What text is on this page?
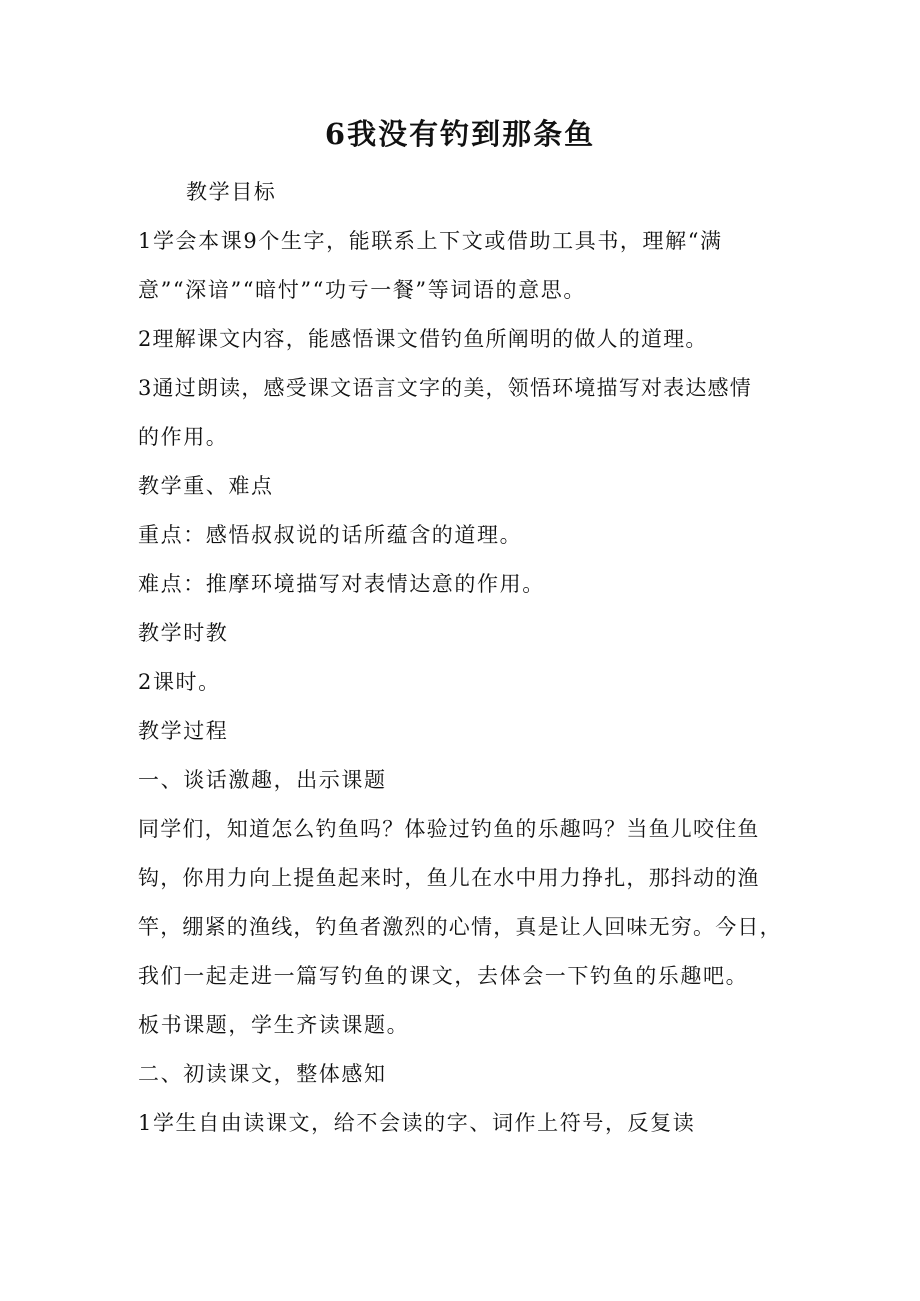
6我没有钓到那条鱼
教学目标
1学会本课9个生字，能联系上下文或借助工具书，理解“满
意”“深谙”“暗忖”“功亏一餐”等词语的意思。
2理解课文内容，能感悟课文借钓鱼所阐明的做人的道理。
3通过朗读，感受课文语言文字的美，领悟环境描写对表达感情
的作用。
教学重、难点
重点：感悟叔叔说的话所蕴含的道理。
难点：推摩环境描写对表情达意的作用。
教学时教
2课时。
教学过程
一、谈话激趣，出示课题
同学们，知道怎么钓鱼吗？体验过钓鱼的乐趣吗？当鱼儿咬住鱼
钩，你用力向上提鱼起来时，鱼儿在水中用力挣扎，那抖动的渔
竿，绷紧的渔线，钓鱼者激烈的心情，真是让人回味无穷。今日，
我们一起走进一篇写钓鱼的课文，去体会一下钓鱼的乐趣吧。
板书课题，学生齐读课题。
二、初读课文，整体感知
1学生自由读课文，给不会读的字、词作上符号，反复读
